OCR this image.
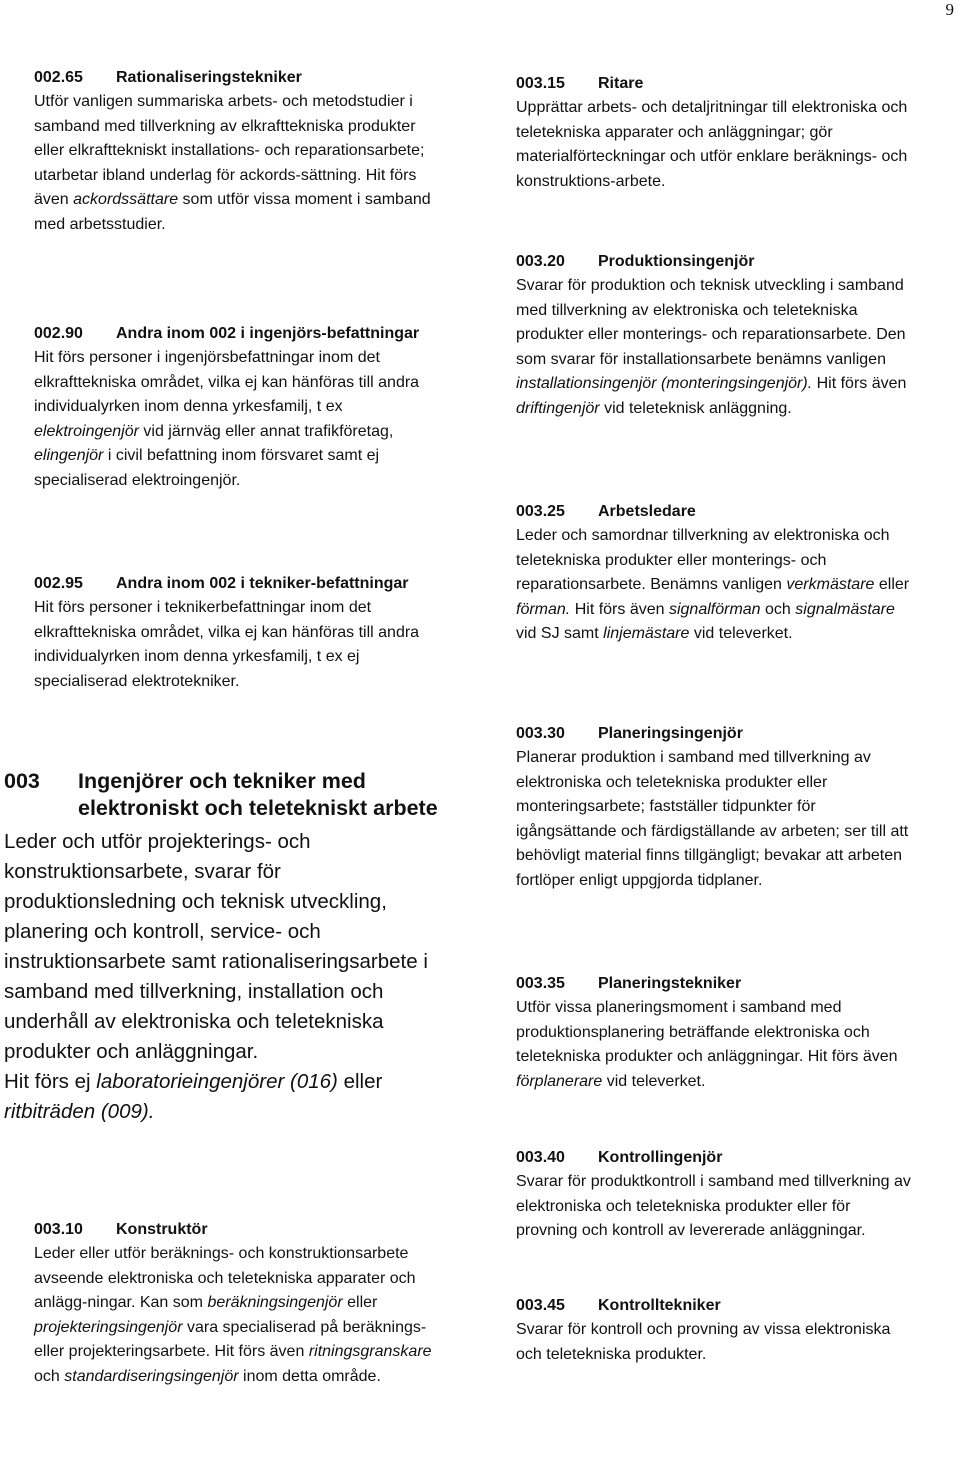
9
002.65	Rationaliseringstekniker

Utför vanligen summariska arbets- och metodstudier i samband med tillverkning av elkrafttekniska produkter eller elkrafttekniskt installations- och reparationsarbete; utarbetar ibland underlag för ackords-sättning. Hit förs även ackordssättare som utför vissa moment i samband med arbetsstudier.

002.90	Andra inom 002 i ingenjörs-befattningar

Hit förs personer i ingenjörsbefattningar inom det elkrafttekniska området, vilka ej kan hänföras till andra individualyrken inom denna yrkesfamilj, t ex elektroingenjör vid järnväg eller annat trafikföretag, elingenjör i civil befattning inom försvaret samt ej specialiserad elektroingenjör.

002.95	Andra inom 002 i tekniker-befattningar

Hit förs personer i teknikerbefattningar inom det elkrafttekniska området, vilka ej kan hänföras till andra individualyrken inom denna yrkesfamilj, t ex ej specialiserad elektrotekniker.

003	Ingenjörer och tekniker med elektroniskt och teletekniskt arbete

Leder och utför projekterings- och konstruktionsarbete, svarar för produktionsledning och teknisk utveckling, planering och kontroll, service- och instruktionsarbete samt rationaliseringsarbete i samband med tillverkning, installation och underhåll av elektroniska och teletekniska produkter och anläggningar.

Hit förs ej laboratorieingenjörer (016) eller ritbiträden (009).

003.10	Konstruktör

Leder eller utför beräknings- och konstruktionsarbete avseende elektroniska och teletekniska apparater och anlägg-ningar. Kan som beräkningsingenjör eller projekteringsingenjör vara specialiserad på beräknings- eller projekteringsarbete. Hit förs även ritningsgranskare och standardiseringsingenjör inom detta område.

003.15	Ritare

Upprättar arbets- och detaljritningar till elektroniska och teletekniska apparater och anläggningar; gör materialförteckningar och utför enklare beräknings- och konstruktions-arbete.

003.20	Produktionsingenjör

Svarar för produktion och teknisk utveckling i samband med tillverkning av elektroniska och teletekniska produkter eller monterings- och reparationsarbete. Den som svarar för installationsarbete benämns vanligen installationsingenjör (monteringsingenjör). Hit förs även driftingenjör vid teleteknisk anläggning.

003.25	Arbetsledare

Leder och samordnar tillverkning av elektroniska och teletekniska produkter eller monterings- och reparationsarbete. Benämns vanligen verkmästare eller förman. Hit förs även signalförman och signalmästare vid SJ samt linjemästare vid televerket.

003.30	Planeringsingenjör

Planerar produktion i samband med tillverkning av elektroniska och teletekniska produkter eller monteringsarbete; fastställer tidpunkter för igångsättande och färdigställande av arbeten; ser till att behövligt material finns tillgängligt; bevakar att arbeten fortlöper enligt uppgjorda tidplaner.

003.35	Planeringstekniker

Utför vissa planeringsmoment i samband med produktionsplanering beträffande elektroniska och teletekniska produkter och anläggningar. Hit förs även förplanerare vid televerket.

003.40	Kontrollingenjör

Svarar för produktkontroll i samband med tillverkning av elektroniska och teletekniska produkter eller för provning och kontroll av levererade anläggningar.

003.45	Kontrolltekniker

Svarar för kontroll och provning av vissa elektroniska och teletekniska produkter.
